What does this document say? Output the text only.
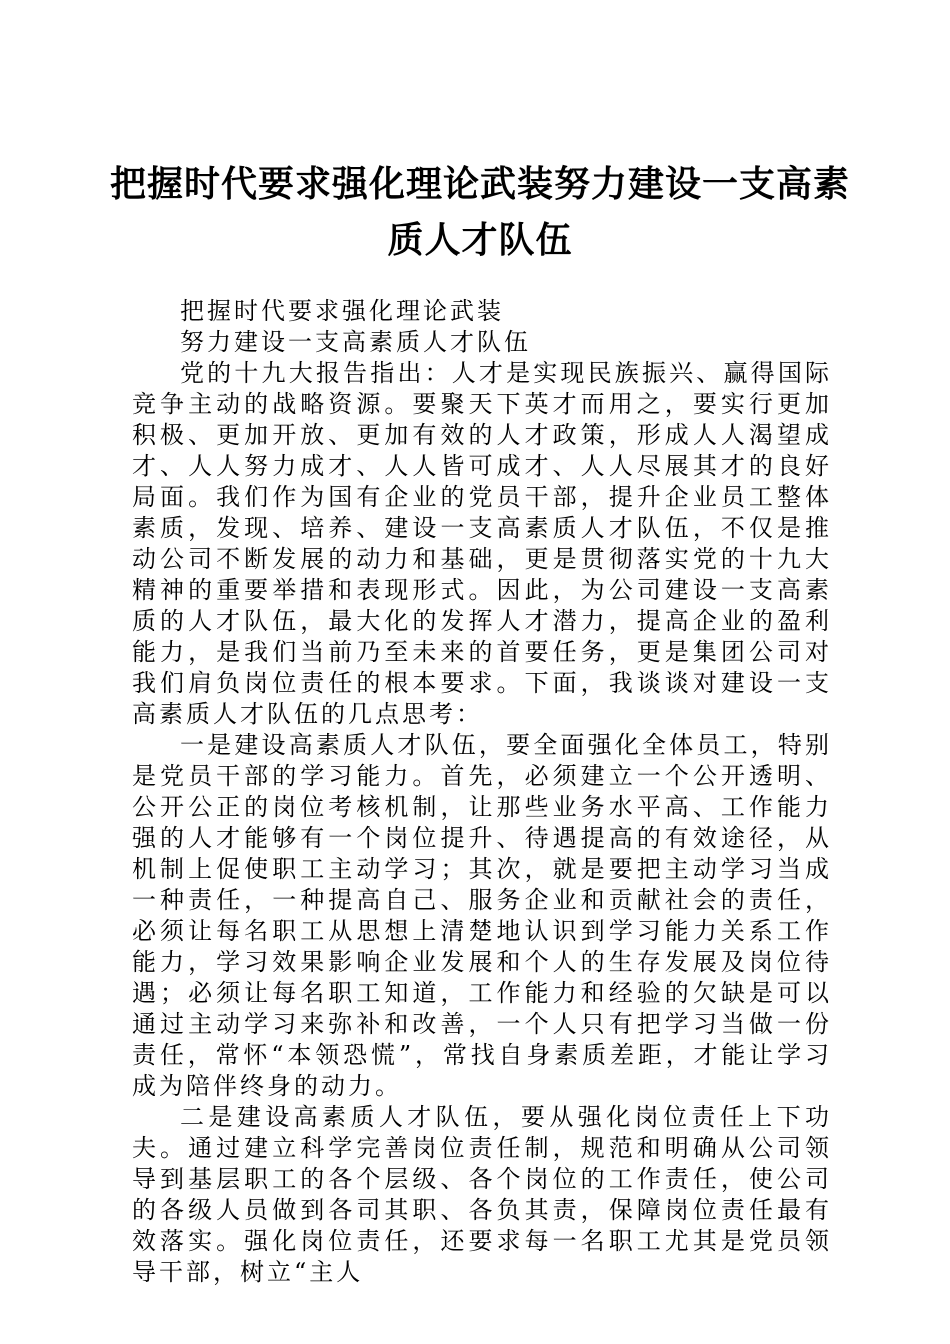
把握时代要求强化理论武装努力建设一支高素质人才队伍

把握时代要求强化理论武装

努力建设一支高素质人才队伍

党的十九大报告指出：人才是实现民族振兴、赢得国际竞争主动的战略资源。要聚天下英才而用之，要实行更加积极、更加开放、更加有效的人才政策，形成人人渴望成才、人人努力成才、人人皆可成才、人人尽展其才的良好局面。我们作为国有企业的党员干部，提升企业员工整体素质，发现、培养、建设一支高素质人才队伍，不仅是推动公司不断发展的动力和基础，更是贯彻落实党的十九大精神的重要举措和表现形式。因此，为公司建设一支高素质的人才队伍，最大化的发挥人才潜力，提高企业的盈利能力，是我们当前乃至未来的首要任务，更是集团公司对我们肩负岗位责任的根本要求。下面，我谈谈对建设一支高素质人才队伍的几点思考：

一是建设高素质人才队伍，要全面强化全体员工，特别是党员干部的学习能力。首先，必须建立一个公开透明、公开公正的岗位考核机制，让那些业务水平高、工作能力强的人才能够有一个岗位提升、待遇提高的有效途径，从机制上促使职工主动学习；其次，就是要把主动学习当成一种责任，一种提高自己、服务企业和贡献社会的责任，必须让每名职工从思想上清楚地认识到学习能力关系工作能力，学习效果影响企业发展和个人的生存发展及岗位待遇；必须让每名职工知道，工作能力和经验的欠缺是可以通过主动学习来弥补和改善，一个人只有把学习当做一份责任，常怀“本领恐慌”，常找自身素质差距，才能让学习成为陪伴终身的动力。

二是建设高素质人才队伍，要从强化岗位责任上下功夫。通过建立科学完善岗位责任制，规范和明确从公司领导到基层职工的各个层级、各个岗位的工作责任，使公司的各级人员做到各司其职、各负其责，保障岗位责任最有效落实。强化岗位责任，还要求每一名职工尤其是党员领导干部，树立“主人
